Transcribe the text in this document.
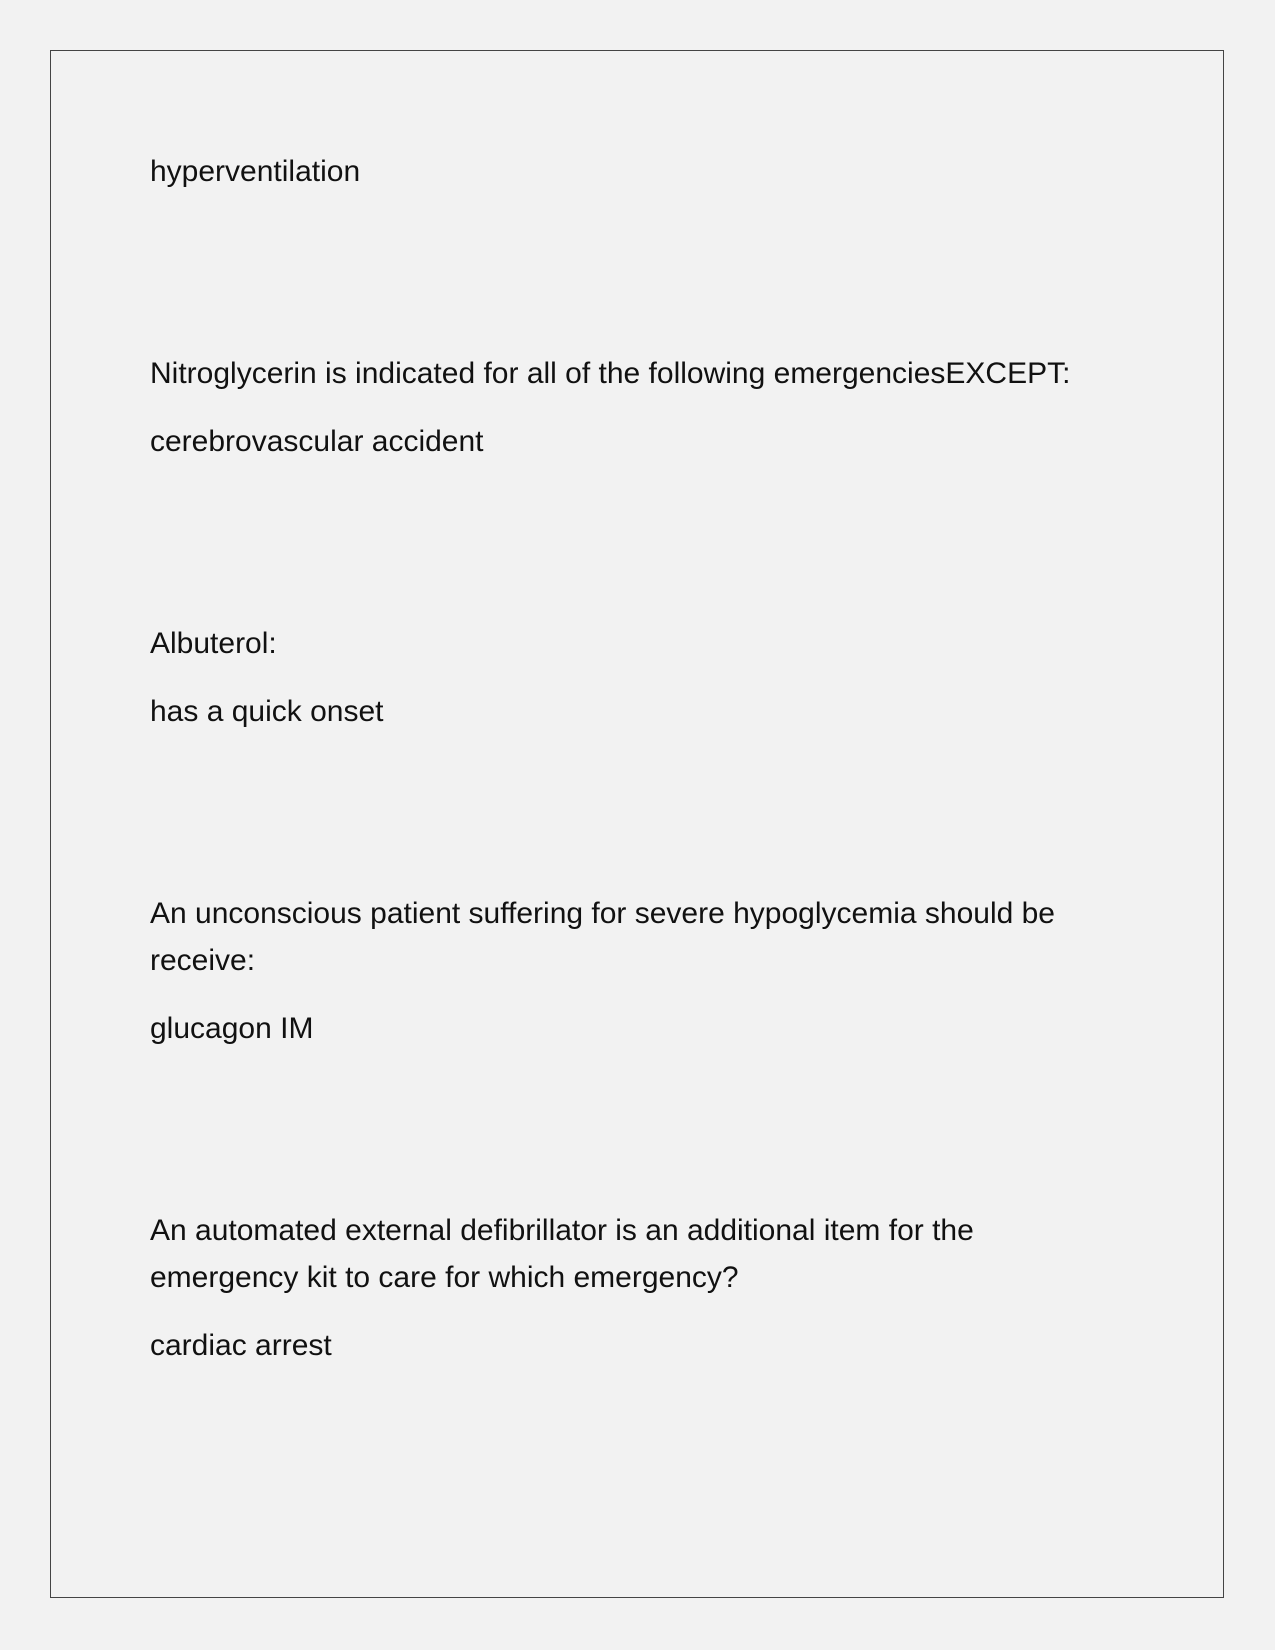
hyperventilation
Nitroglycerin is indicated for all of the following emergenciesEXCEPT:
cerebrovascular accident
Albuterol:
has a quick onset
An unconscious patient suffering for severe hypoglycemia should be
receive:
glucagon IM
An automated external defibrillator is an additional item for the
emergency kit to care for which emergency?
cardiac arrest
